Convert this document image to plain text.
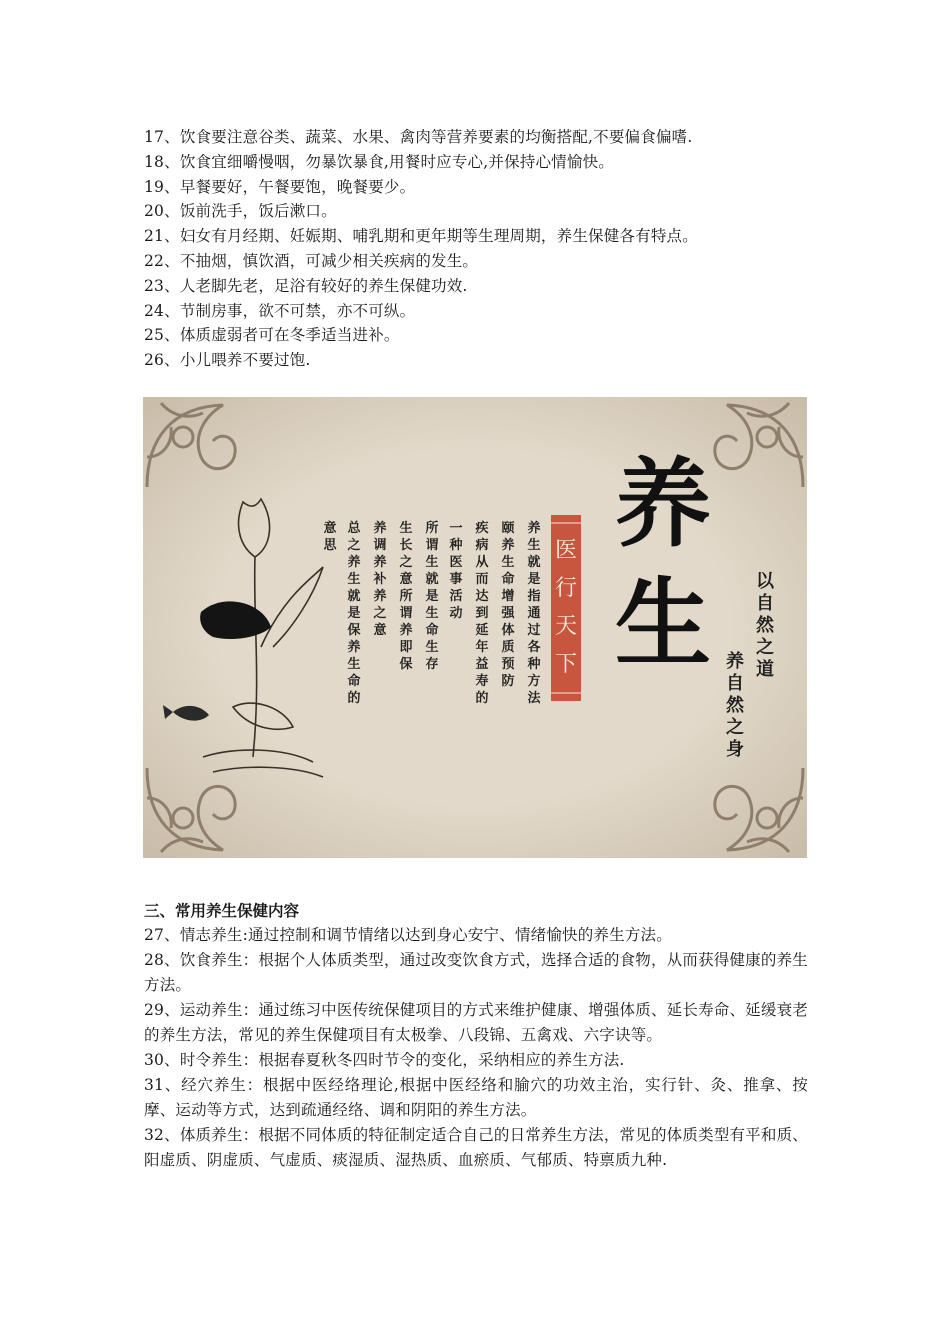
17、饮食要注意谷类、蔬菜、水果、禽肉等营养要素的均衡搭配,不要偏食偏嗜.
18、饮食宜细嚼慢咽，勿暴饮暴食,用餐时应专心,并保持心情愉快。
19、早餐要好，午餐要饱，晚餐要少。
20、饭前洗手，饭后漱口。
21、妇女有月经期、妊娠期、哺乳期和更年期等生理周期，养生保健各有特点。
22、不抽烟，慎饮酒，可减少相关疾病的发生。
23、人老脚先老，足浴有较好的养生保健功效.
24、节制房事，欲不可禁，亦不可纵。
25、体质虚弱者可在冬季适当进补。
26、小儿喂养不要过饱.
养生就是指通过各种方法
颐养生命增强体质预防
疾病从而达到延年益寿的
一种医事活动
所谓生就是生命生存
生长之意所谓养即保
养调养补养之意
总之养生就是保养生命的
意思	医行天下
养生	以自然之道
养自然之身
三、常用养生保健内容
27、情志养生:通过控制和调节情绪以达到身心安宁、情绪愉快的养生方法。
28、饮食养生：根据个人体质类型，通过改变饮食方式，选择合适的食物，从而获得健康的养生方法。
29、运动养生：通过练习中医传统保健项目的方式来维护健康、增强体质、延长寿命、延缓衰老的养生方法，常见的养生保健项目有太极拳、八段锦、五禽戏、六字诀等。
30、时令养生：根据春夏秋冬四时节令的变化，采纳相应的养生方法.
31、经穴养生：根据中医经络理论,根据中医经络和腧穴的功效主治，实行针、灸、推拿、按摩、运动等方式，达到疏通经络、调和阴阳的养生方法。
32、体质养生：根据不同体质的特征制定适合自己的日常养生方法，常见的体质类型有平和质、阳虚质、阴虚质、气虚质、痰湿质、湿热质、血瘀质、气郁质、特禀质九种.
